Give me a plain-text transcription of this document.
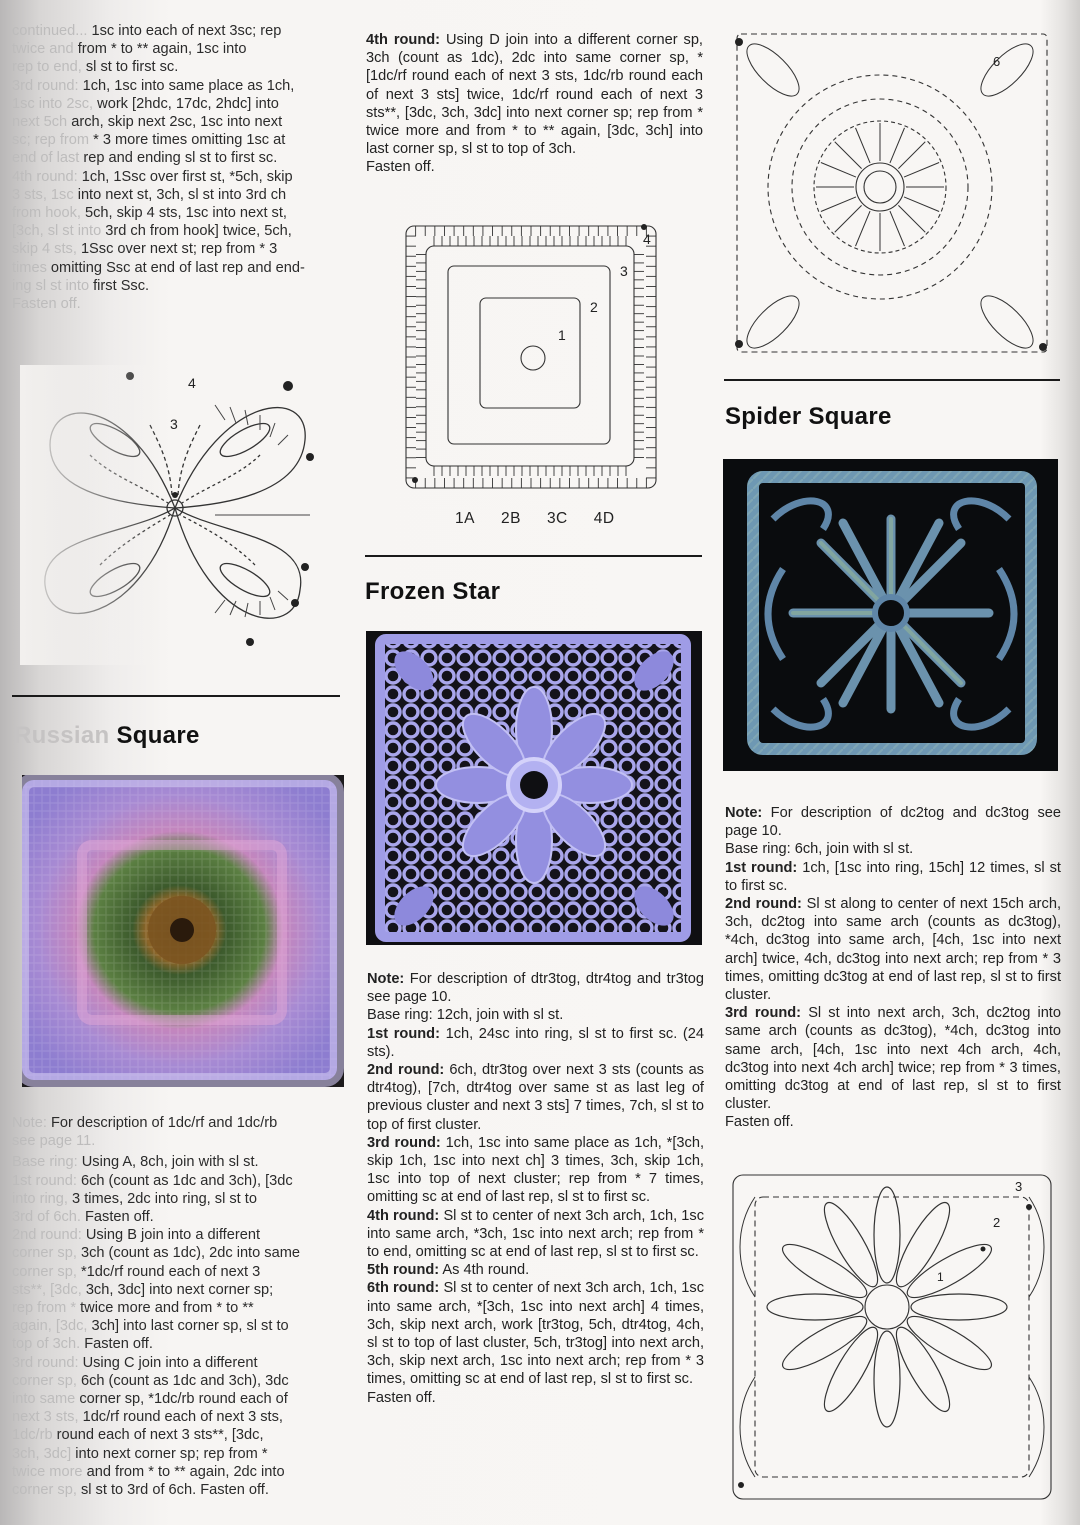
continued... 1sc into each of next 3sc; rep

twice and from * to ** again, 1sc into

rep to end, sl st to first sc.

3rd round: 1ch, 1sc into same place as 1ch,

1sc into 2sc, work [2hdc, 17dc, 2hdc] into

next 5ch arch, skip next 2sc, 1sc into next

sc; rep from * 3 more times omitting 1sc at

end of last rep and ending sl st to first sc.

4th round: 1ch, 1Ssc over first st, *5ch, skip

3 sts, 1sc into next st, 3ch, sl st into 3rd ch

from hook, 5ch, skip 4 sts, 1sc into next st,

[3ch, sl st into 3rd ch from hook] twice, 5ch,

skip 4 sts, 1Ssc over next st; rep from * 3

times omitting Ssc at end of last rep and end-

ing sl st into first Ssc.

Fasten off.

Russian Square

Note: For description of 1dc/rf and 1dc/rb

see page 11.

Base ring: Using A, 8ch, join with sl st.

1st round: 6ch (count as 1dc and 3ch), [3dc

into ring, 3 times, 2dc into ring, sl st to

3rd of 6ch. Fasten off.

2nd round: Using B join into a different

corner sp, 3ch (count as 1dc), 2dc into same

corner sp, *1dc/rf round each of next 3

sts**, [3dc, 3ch, 3dc] into next corner sp;

rep from * twice more and from * to **

again, [3dc, 3ch] into last corner sp, sl st to

top of 3ch. Fasten off.

3rd round: Using C join into a different

corner sp, 6ch (count as 1dc and 3ch), 3dc

into same corner sp, *1dc/rb round each of

next 3 sts, 1dc/rf round each of next 3 sts,

1dc/rb round each of next 3 sts**, [3dc,

3ch, 3dc] into next corner sp; rep from *

twice more and from * to ** again, 2dc into

corner sp, sl st to 3rd of 6ch. Fasten off.

4th round: Using D join into a different corner sp, 3ch (count as 1dc), 2dc into same corner sp, *[1dc/rf round each of next 3 sts, 1dc/rb round each of next 3 sts] twice, 1dc/rf round each of next 3 sts**, [3dc, 3ch, 3dc] into next corner sp; rep from * twice more and from * to ** again, [3dc, 3ch] into last corner sp, sl st to top of 3ch.

Fasten off.

4
3
2
1
1A 2B 3C 4D
Frozen Star

Note: For description of dtr3tog, dtr4tog and tr3tog see page 10.

Base ring: 12ch, join with sl st.

1st round: 1ch, 24sc into ring, sl st to first sc. (24 sts).

2nd round: 6ch, dtr3tog over next 3 sts (counts as dtr4tog), [7ch, dtr4tog over same st as last leg of previous cluster and next 3 sts] 7 times, 7ch, sl st to top of first cluster.

3rd round: 1ch, 1sc into same place as 1ch, *[3ch, skip 1ch, 1sc into next ch] 3 times, 3ch, skip 1ch, 1sc into top of next cluster; rep from * 7 times, omitting sc at end of last rep, sl st to first sc.

4th round: Sl st to center of next 3ch arch, 1ch, 1sc into same arch, *3ch, 1sc into next arch; rep from * to end, omitting sc at end of last rep, sl st to first sc.

5th round: As 4th round.

6th round: Sl st to center of next 3ch arch, 1ch, 1sc into same arch, *[3ch, 1sc into next arch] 4 times, 3ch, skip next arch, work [tr3tog, 5ch, dtr4tog, 4ch, sl st to top of last cluster, 5ch, tr3tog] into next arch, 3ch, skip next arch, 1sc into next arch; rep from * 3 times, omitting sc at end of last rep, sl st to first sc.

Fasten off.

6
Spider Square

Note: For description of dc2tog and dc3tog see page 10.

Base ring: 6ch, join with sl st.

1st round: 1ch, [1sc into ring, 15ch] 12 times, sl st to first sc.

2nd round: Sl st along to center of next 15ch arch, 3ch, dc2tog into same arch (counts as dc3tog), *4ch, dc3tog into same arch, [4ch, 1sc into next arch] twice, 4ch, dc3tog into next arch; rep from * 3 times, omitting dc3tog at end of last rep, sl st to first cluster.

3rd round: Sl st into next arch, 3ch, dc2tog into same arch (counts as dc3tog), *4ch, dc3tog into same arch, [4ch, 1sc into next 4ch arch, 4ch, dc3tog into next 4ch arch] twice; rep from * 3 times, omitting dc3tog at end of last rep, sl st to first cluster.

Fasten off.

3
2
1
